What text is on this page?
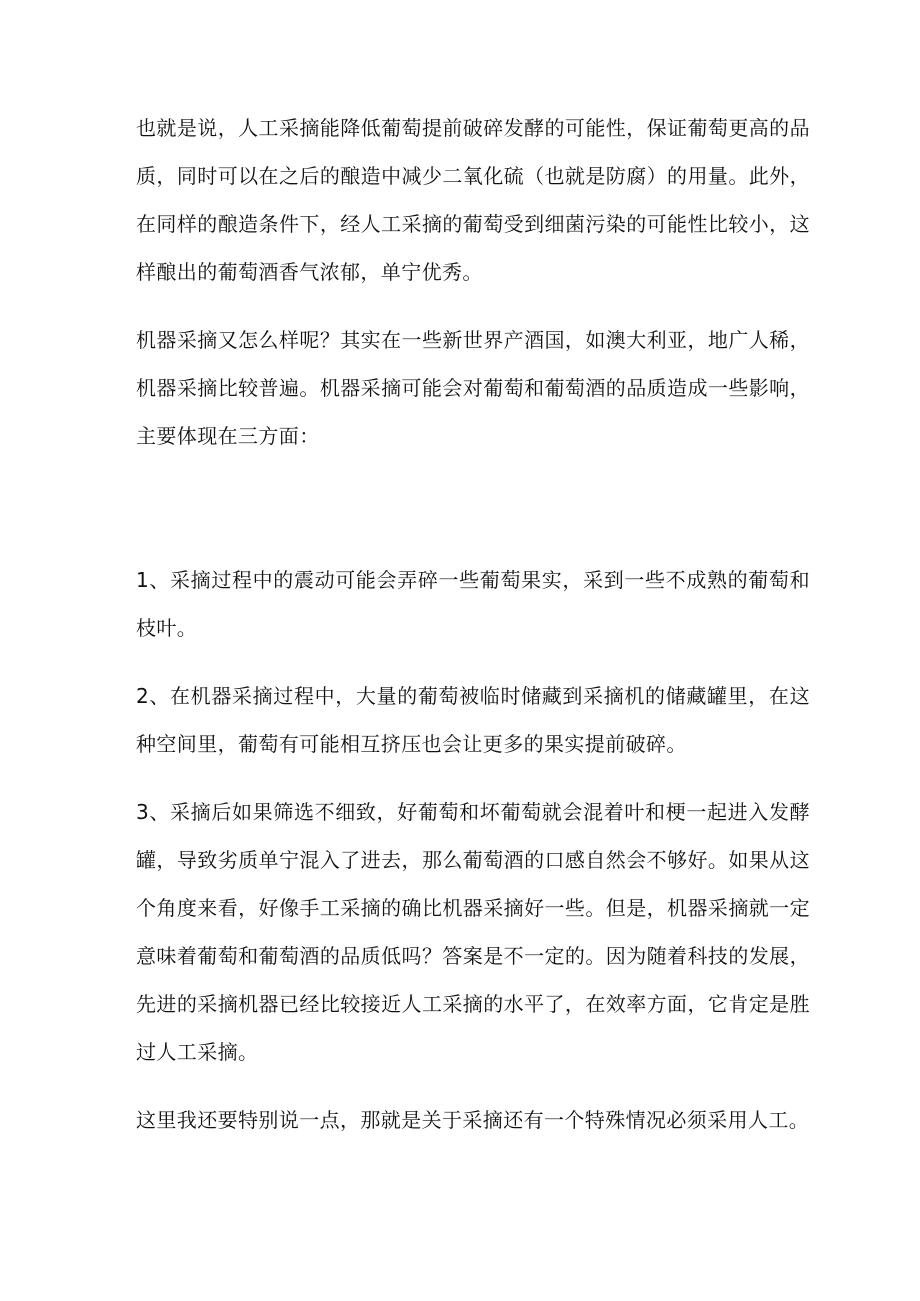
也就是说，人工采摘能降低葡萄提前破碎发酵的可能性，保证葡萄更高的品质，同时可以在之后的酿造中减少二氧化硫（也就是防腐）的用量。此外，在同样的酿造条件下，经人工采摘的葡萄受到细菌污染的可能性比较小，这样酿出的葡萄酒香气浓郁，单宁优秀。

机器采摘又怎么样呢？其实在一些新世界产酒国，如澳大利亚，地广人稀，机器采摘比较普遍。机器采摘可能会对葡萄和葡萄酒的品质造成一些影响，主要体现在三方面：

1、采摘过程中的震动可能会弄碎一些葡萄果实，采到一些不成熟的葡萄和枝叶。

2、在机器采摘过程中，大量的葡萄被临时储藏到采摘机的储藏罐里，在这种空间里，葡萄有可能相互挤压也会让更多的果实提前破碎。

3、采摘后如果筛选不细致，好葡萄和坏葡萄就会混着叶和梗一起进入发酵罐，导致劣质单宁混入了进去，那么葡萄酒的口感自然会不够好。如果从这个角度来看，好像手工采摘的确比机器采摘好一些。但是，机器采摘就一定意味着葡萄和葡萄酒的品质低吗？答案是不一定的。因为随着科技的发展，先进的采摘机器已经比较接近人工采摘的水平了，在效率方面，它肯定是胜过人工采摘。

这里我还要特别说一点，那就是关于采摘还有一个特殊情况必须采用人工。
